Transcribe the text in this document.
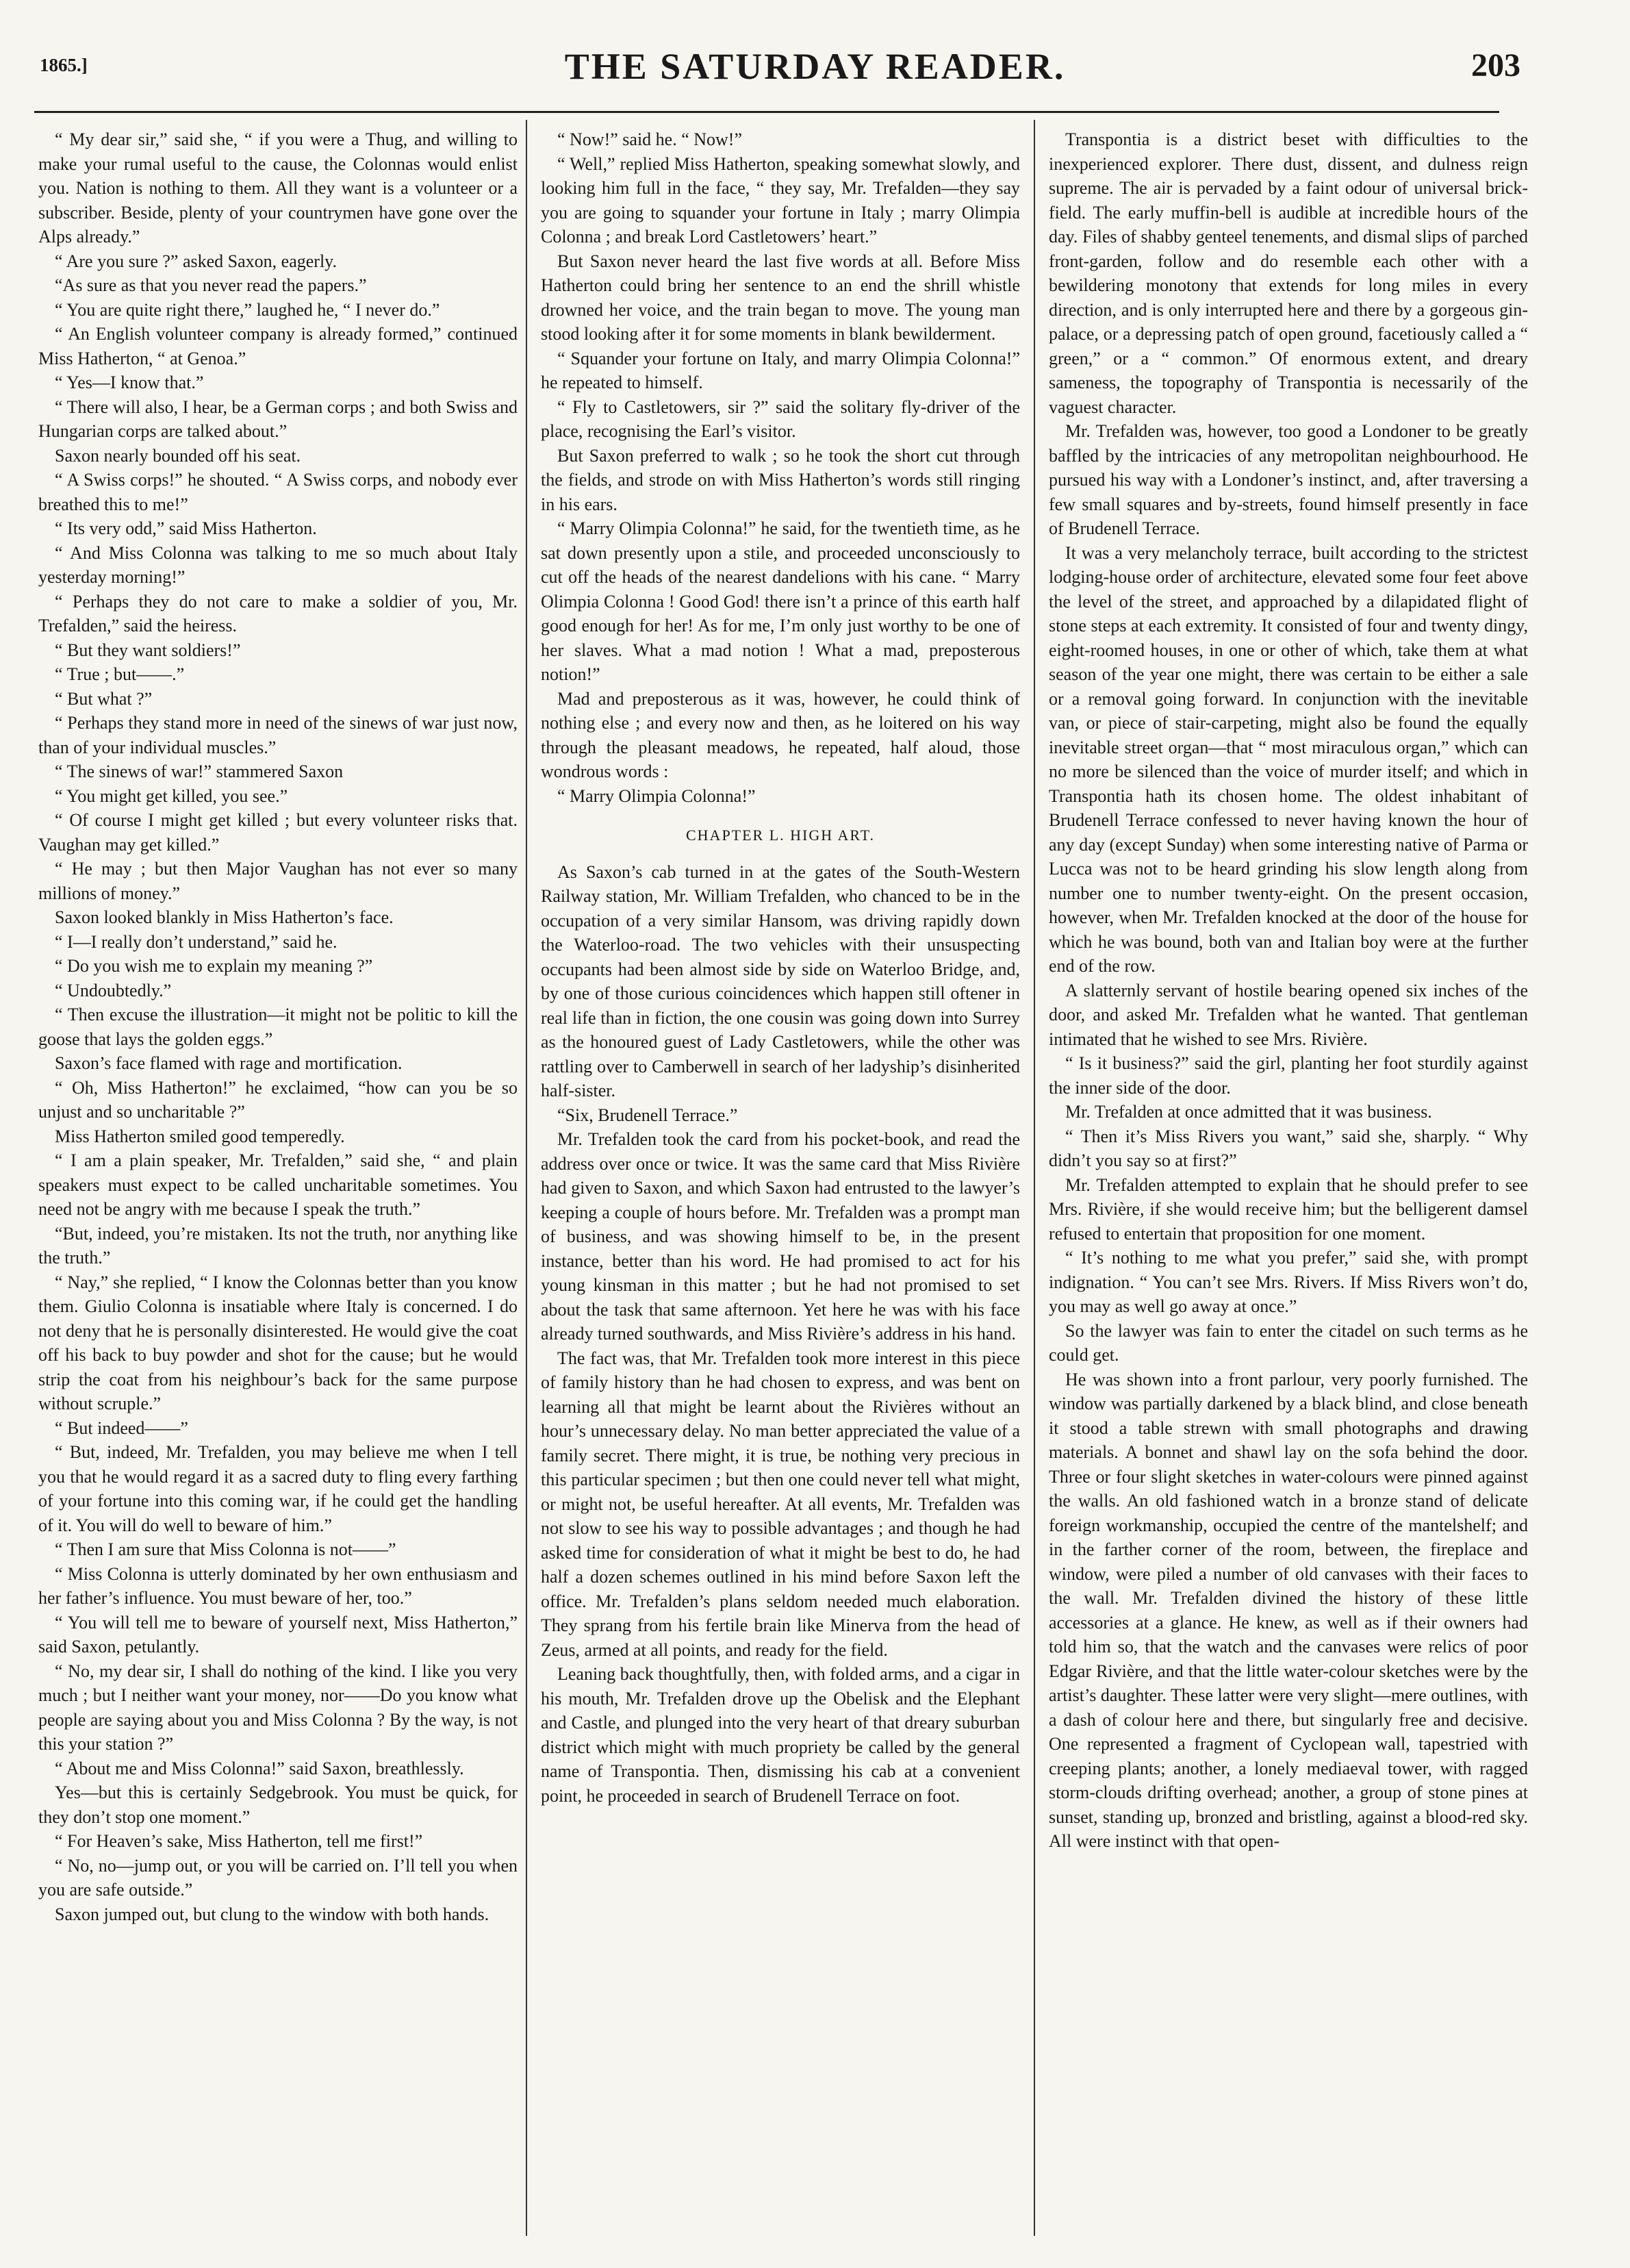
1865.]	THE SATURDAY READER.	203

“ My dear sir,” said she, “ if you were a Thug, and willing to make your rumal useful to the cause, the Colonnas would enlist you. Nation is nothing to them. All they want is a volunteer or a subscriber. Beside, plenty of your countrymen have gone over the Alps already.”

“ Are you sure ?” asked Saxon, eagerly.

“As sure as that you never read the papers.”

“ You are quite right there,” laughed he, “ I never do.”

“ An English volunteer company is already formed,” continued Miss Hatherton, “ at Genoa.”

“ Yes—I know that.”

“ There will also, I hear, be a German corps ; and both Swiss and Hungarian corps are talked about.”

Saxon nearly bounded off his seat.

“ A Swiss corps!” he shouted. “ A Swiss corps, and nobody ever breathed this to me!”

“ Its very odd,” said Miss Hatherton.

“ And Miss Colonna was talking to me so much about Italy yesterday morning!”

“ Perhaps they do not care to make a soldier of you, Mr. Trefalden,” said the heiress.

“ But they want soldiers!”

“ True ; but——.”

“ But what ?”

“ Perhaps they stand more in need of the sinews of war just now, than of your individual muscles.”

“ The sinews of war!” stammered Saxon

“ You might get killed, you see.”

“ Of course I might get killed ; but every volunteer risks that. Vaughan may get killed.”

“ He may ; but then Major Vaughan has not ever so many millions of money.”

Saxon looked blankly in Miss Hatherton’s face.

“ I—I really don’t understand,” said he.

“ Do you wish me to explain my meaning ?”

“ Undoubtedly.”

“ Then excuse the illustration—it might not be politic to kill the goose that lays the golden eggs.”

Saxon’s face flamed with rage and mortification.

“ Oh, Miss Hatherton!” he exclaimed, “how can you be so unjust and so uncharitable ?”

Miss Hatherton smiled good temperedly.

“ I am a plain speaker, Mr. Trefalden,” said she, “ and plain speakers must expect to be called uncharitable sometimes. You need not be angry with me because I speak the truth.”

“But, indeed, you’re mistaken. Its not the truth, nor anything like the truth.”

“ Nay,” she replied, “ I know the Colonnas better than you know them. Giulio Colonna is insatiable where Italy is concerned. I do not deny that he is personally disinterested. He would give the coat off his back to buy powder and shot for the cause; but he would strip the coat from his neighbour’s back for the same purpose without scruple.”

“ But indeed——”

“ But, indeed, Mr. Trefalden, you may believe me when I tell you that he would regard it as a sacred duty to fling every farthing of your fortune into this coming war, if he could get the handling of it. You will do well to beware of him.”

“ Then I am sure that Miss Colonna is not——”

“ Miss Colonna is utterly dominated by her own enthusiasm and her father’s influence. You must beware of her, too.”

“ You will tell me to beware of yourself next, Miss Hatherton,” said Saxon, petulantly.

“ No, my dear sir, I shall do nothing of the kind. I like you very much ; but I neither want your money, nor——Do you know what people are saying about you and Miss Colonna ? By the way, is not this your station ?”

“ About me and Miss Colonna!” said Saxon, breathlessly.

Yes—but this is certainly Sedgebrook. You must be quick, for they don’t stop one moment.”

“ For Heaven’s sake, Miss Hatherton, tell me first!”

“ No, no—jump out, or you will be carried on. I’ll tell you when you are safe outside.”

Saxon jumped out, but clung to the window with both hands.

“ Now!” said he. “ Now!”

“ Well,” replied Miss Hatherton, speaking somewhat slowly, and looking him full in the face, “ they say, Mr. Trefalden—they say you are going to squander your fortune in Italy ; marry Olimpia Colonna ; and break Lord Castletowers’ heart.”

But Saxon never heard the last five words at all. Before Miss Hatherton could bring her sentence to an end the shrill whistle drowned her voice, and the train began to move. The young man stood looking after it for some moments in blank bewilderment.

“ Squander your fortune on Italy, and marry Olimpia Colonna!” he repeated to himself.

“ Fly to Castletowers, sir ?” said the solitary fly-driver of the place, recognising the Earl’s visitor.

But Saxon preferred to walk ; so he took the short cut through the fields, and strode on with Miss Hatherton’s words still ringing in his ears.

“ Marry Olimpia Colonna!” he said, for the twentieth time, as he sat down presently upon a stile, and proceeded unconsciously to cut off the heads of the nearest dandelions with his cane. “ Marry Olimpia Colonna ! Good God! there isn’t a prince of this earth half good enough for her! As for me, I’m only just worthy to be one of her slaves. What a mad notion ! What a mad, preposterous notion!”

Mad and preposterous as it was, however, he could think of nothing else ; and every now and then, as he loitered on his way through the pleasant meadows, he repeated, half aloud, those wondrous words :

“ Marry Olimpia Colonna!”

CHAPTER L. HIGH ART.

As Saxon’s cab turned in at the gates of the South-Western Railway station, Mr. William Trefalden, who chanced to be in the occupation of a very similar Hansom, was driving rapidly down the Waterloo-road. The two vehicles with their unsuspecting occupants had been almost side by side on Waterloo Bridge, and, by one of those curious coincidences which happen still oftener in real life than in fiction, the one cousin was going down into Surrey as the honoured guest of Lady Castletowers, while the other was rattling over to Camberwell in search of her ladyship’s disinherited half-sister.

“Six, Brudenell Terrace.”

Mr. Trefalden took the card from his pocket-book, and read the address over once or twice. It was the same card that Miss Rivière had given to Saxon, and which Saxon had entrusted to the lawyer’s keeping a couple of hours before. Mr. Trefalden was a prompt man of business, and was showing himself to be, in the present instance, better than his word. He had promised to act for his young kinsman in this matter ; but he had not promised to set about the task that same afternoon. Yet here he was with his face already turned southwards, and Miss Rivière’s address in his hand.

The fact was, that Mr. Trefalden took more interest in this piece of family history than he had chosen to express, and was bent on learning all that might be learnt about the Rivières without an hour’s unnecessary delay. No man better appreciated the value of a family secret. There might, it is true, be nothing very precious in this particular specimen ; but then one could never tell what might, or might not, be useful hereafter. At all events, Mr. Trefalden was not slow to see his way to possible advantages ; and though he had asked time for consideration of what it might be best to do, he had half a dozen schemes outlined in his mind before Saxon left the office. Mr. Trefalden’s plans seldom needed much elaboration. They sprang from his fertile brain like Minerva from the head of Zeus, armed at all points, and ready for the field.

Leaning back thoughtfully, then, with folded arms, and a cigar in his mouth, Mr. Trefalden drove up the Obelisk and the Elephant and Castle, and plunged into the very heart of that dreary suburban district which might with much propriety be called by the general name of Transpontia. Then, dismissing his cab at a convenient point, he proceeded in search of Brudenell Terrace on foot.

Transpontia is a district beset with difficulties to the inexperienced explorer. There dust, dissent, and dulness reign supreme. The air is pervaded by a faint odour of universal brick-field. The early muffin-bell is audible at incredible hours of the day. Files of shabby genteel tenements, and dismal slips of parched front-garden, follow and do resemble each other with a bewildering monotony that extends for long miles in every direction, and is only interrupted here and there by a gorgeous gin-palace, or a depressing patch of open ground, facetiously called a “ green,” or a “ common.” Of enormous extent, and dreary sameness, the topography of Transpontia is necessarily of the vaguest character.

Mr. Trefalden was, however, too good a Londoner to be greatly baffled by the intricacies of any metropolitan neighbourhood. He pursued his way with a Londoner’s instinct, and, after traversing a few small squares and by-streets, found himself presently in face of Brudenell Terrace.

It was a very melancholy terrace, built according to the strictest lodging-house order of architecture, elevated some four feet above the level of the street, and approached by a dilapidated flight of stone steps at each extremity. It consisted of four and twenty dingy, eight-roomed houses, in one or other of which, take them at what season of the year one might, there was certain to be either a sale or a removal going forward. In conjunction with the inevitable van, or piece of stair-carpeting, might also be found the equally inevitable street organ—that “ most miraculous organ,” which can no more be silenced than the voice of murder itself; and which in Transpontia hath its chosen home. The oldest inhabitant of Brudenell Terrace confessed to never having known the hour of any day (except Sunday) when some interesting native of Parma or Lucca was not to be heard grinding his slow length along from number one to number twenty-eight. On the present occasion, however, when Mr. Trefalden knocked at the door of the house for which he was bound, both van and Italian boy were at the further end of the row.

A slatternly servant of hostile bearing opened six inches of the door, and asked Mr. Trefalden what he wanted. That gentleman intimated that he wished to see Mrs. Rivière.

“ Is it business?” said the girl, planting her foot sturdily against the inner side of the door.

Mr. Trefalden at once admitted that it was business.

“ Then it’s Miss Rivers you want,” said she, sharply. “ Why didn’t you say so at first?”

Mr. Trefalden attempted to explain that he should prefer to see Mrs. Rivière, if she would receive him; but the belligerent damsel refused to entertain that proposition for one moment.

“ It’s nothing to me what you prefer,” said she, with prompt indignation. “ You can’t see Mrs. Rivers. If Miss Rivers won’t do, you may as well go away at once.”

So the lawyer was fain to enter the citadel on such terms as he could get.

He was shown into a front parlour, very poorly furnished. The window was partially darkened by a black blind, and close beneath it stood a table strewn with small photographs and drawing materials. A bonnet and shawl lay on the sofa behind the door. Three or four slight sketches in water-colours were pinned against the walls. An old fashioned watch in a bronze stand of delicate foreign workmanship, occupied the centre of the mantelshelf; and in the farther corner of the room, between, the fireplace and window, were piled a number of old canvases with their faces to the wall. Mr. Trefalden divined the history of these little accessories at a glance. He knew, as well as if their owners had told him so, that the watch and the canvases were relics of poor Edgar Rivière, and that the little water-colour sketches were by the artist’s daughter. These latter were very slight—mere outlines, with a dash of colour here and there, but singularly free and decisive. One represented a fragment of Cyclopean wall, tapestried with creeping plants; another, a lonely mediaeval tower, with ragged storm-clouds drifting overhead; another, a group of stone pines at sunset, standing up, bronzed and bristling, against a blood-red sky. All were instinct with that open-
